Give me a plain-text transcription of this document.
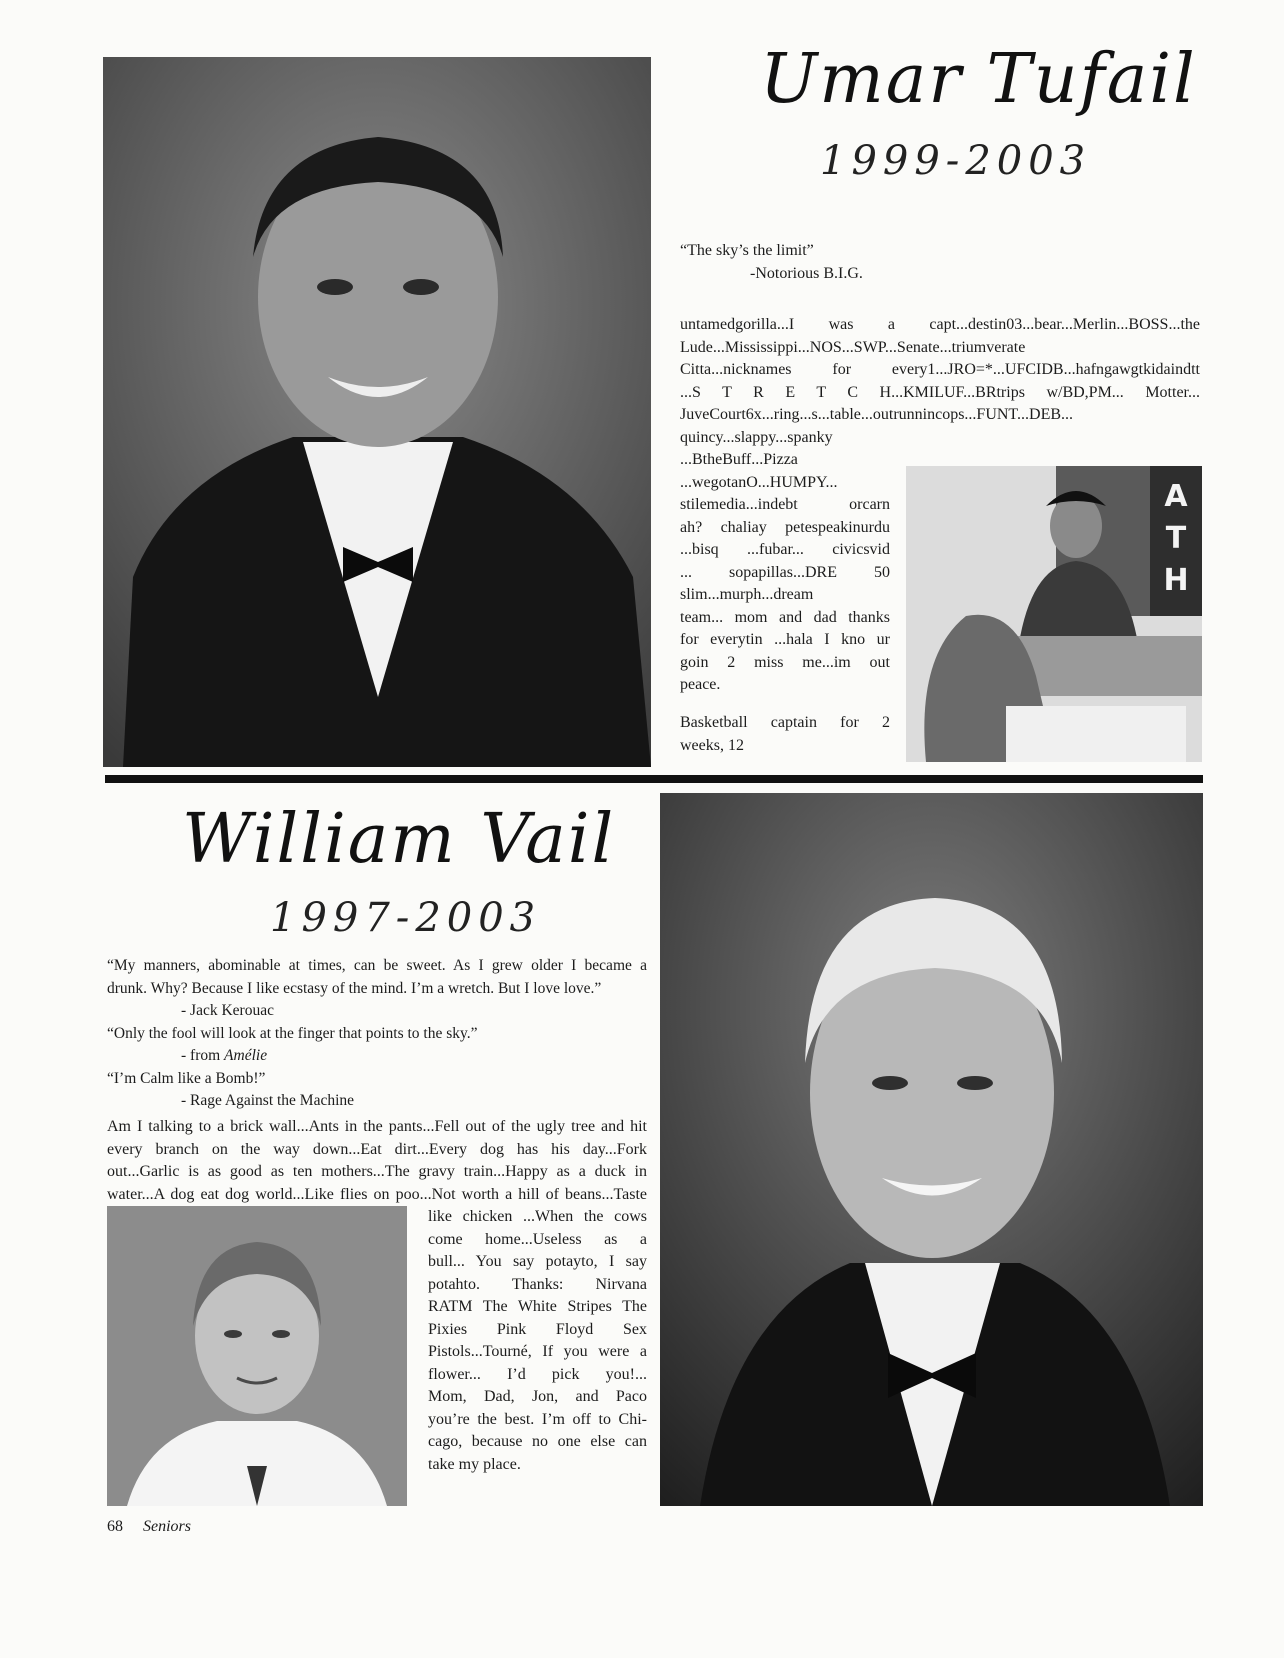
Umar Tufail
1999-2003

“The sky’s the limit”

-Notorious B.I.G.

untamedgorilla...I was a capt...destin03...bear...Merlin...BOSS...the

Lude...Mississippi...NOS...SWP...Senate...triumverate

Citta...nicknames for every1...JRO=*...UFCIDB...hafngawgtkidaindtt

...S T R E T C H...KMILUF...BRtrips w/BD,PM... Motter...

JuveCourt6x...ring...s...table...outrunnincops...FUNT...DEB...

quincy...slappy...spanky

...BtheBuff...Pizza

...wegotanO...HUMPY...

stilemedia...indebt orcarn

ah? chaliay petespeakinurdu

...bisq ...fubar... civicsvid

... sopapillas...DRE 50

slim...murph...dream

team... mom and dad thanks

for everytin ...hala I kno ur

goin 2 miss me...im out

peace.

Basketball captain for 2

weeks, 12

A
T
H
William Vail
1997-2003

“My manners, abominable at times, can be sweet. As I grew older I became a

drunk. Why? Because I like ecstasy of the mind. I’m a wretch. But I love love.”

- Jack Kerouac

“Only the fool will look at the finger that points to the sky.”

- from Amélie

“I’m Calm like a Bomb!”

- Rage Against the Machine

Am I talking to a brick wall...Ants in the pants...Fell out of the ugly tree and hit

every branch on the way down...Eat dirt...Every dog has his day...Fork

out...Garlic is as good as ten mothers...The gravy train...Happy as a duck in

water...A dog eat dog world...Like flies on poo...Not worth a hill of beans...Taste

like chicken ...When the cows

come home...Useless as a

bull... You say potayto, I say

potahto. Thanks: Nirvana

RATM The White Stripes The

Pixies Pink Floyd Sex

Pistols...Tourné, If you were a

flower... I’d pick you!...

Mom, Dad, Jon, and Paco

you’re the best. I’m off to Chi-

cago, because no one else can

take my place.

68 Seniors
